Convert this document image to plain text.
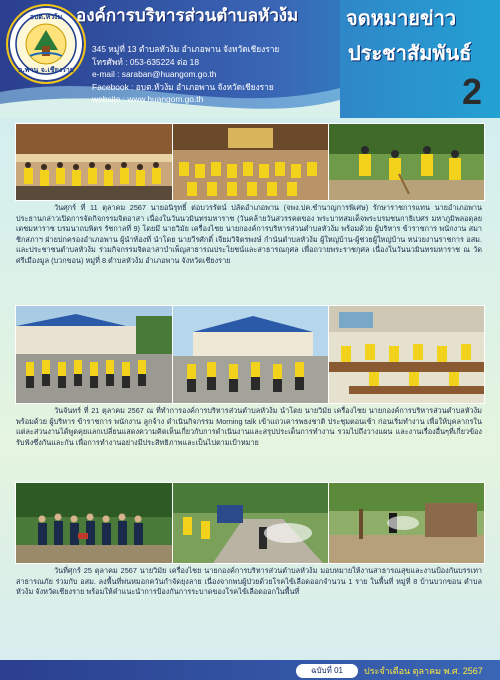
อบต.หัวง้ม
อ.พาน จ.เชียงราย
องค์การบริหารส่วนตำบลหัวง้ม
345 หมู่ที่ 13 ตำบลหัวง้ม อำเภอพาน จังหวัดเชียงราย
โทรศัพท์ : 053-635224 ต่อ 18
e-mail : saraban@huangom.go.th
Facebook : อบต.หัวง้ม อำเภอพาน จังหวัดเชียงราย
website : www.huangom.go.th
จดหมายข่าว
ประชาสัมพันธ์
2
วันศุกร์ ที่ 11 ตุลาคม 2567 นายอนิรุทธิ์ ต่อบวรรัตน์ ปลัดอำเภอพาน (จพง.ปค.ชำนาญการพิเศษ) รักษาราชการแทน นายอำเภอพาน ประธานกล่าวเปิดการจัดกิจกรรมจิตอาสา เนื่องในวันนวมินทรมหาราช (วันคล้ายวันสวรรคตของ พระบาทสมเด็จพระบรมชนกาธิเบศร มหาภูมิพลอดุลยเดชมหาราช บรมนาถบพิตร รัชกาลที่ 9) โดยมี นายวิมัย เครื่องไชย นายกองค์การบริหารส่วนตำบลหัวง้ม พร้อมด้วย ผู้บริหาร ข้าราชการ พนักงาน สมาชิกสภาฯ ฝ่ายปกครองอำเภอพาน ผู้นำท้องที่ นำโดย นายวีรศักดิ์ เจียมวิจิตรพงษ์ กำนันตำบลหัวง้ม ผู้ใหญ่บ้าน-ผู้ช่วยผู้ใหญ่บ้าน หน่วยงานราชการ อสม. และประชาชนตำบลหัวง้ม ร่วมกิจกรรมจิตอาสาบำเพ็ญสาธารณประโยชน์และสาธารณกุศล เพื่อถวายพระราชกุศล เนื่องในวันนวมินทรมหาราช ณ วัดศรีเมืองมูล (บวกขอน) หมู่ที่ 8 ตำบลหัวง้ม อำเภอพาน จังหวัดเชียงราย
วันจันทร์ ที่ 21 ตุลาคม 2567 ณ ที่ทำการองค์การบริหารส่วนตำบลหัวง้ม นำโดย นายวิมัย เครื่องไชย นายกองค์การบริหารส่วนตำบลหัวง้ม พร้อมด้วย ผู้บริหาร ข้าราชการ พนักงาน ลูกจ้าง ดำเนินกิจกรรม Morning talk เข้าแถวเคารพธงชาติ ประชุมตอนเช้า ก่อนเริ่มทำงาน เพื่อให้บุคลากรในแต่ละส่วนงานได้พูดคุยแลกเปลี่ยนแสดงความคิดเห็นเกี่ยวกับการดำเนินงานและสรุปประเด็นการทำงาน รวมไปถึงวางแผน และงานเรื่องอื่นๆที่เกี่ยวข้อง รับฟังซึ่งกันและกัน เพื่อการทำงานอย่างมีประสิทธิภาพและเป็นไปตามเป้าหมาย
วันที่ศุกร์ 25 ตุลาคม 2567 นายวิมัย เครื่องไชย นายกองค์การบริหารส่วนตำบลหัวง้ม มอบหมายให้งานสาธารณสุขและงานป้องกันบรรเทาสาธารณภัย ร่วมกับ อสม. ลงพื้นที่พ่นหมอกควันกำจัดยุงลาย เนื่องจากพบผู้ป่วยด้วยโรคไข้เลือดออกจำนวน 1 ราย ในพื้นที่ หมู่ที่ 8 บ้านบวกขอน ตำบลหัวง้ม จังหวัดเชียงราย พร้อมให้คำแนะนำการป้องกันการระบาดของโรคไข้เลือดออกในพื้นที่
ฉบับที่ 01	ประจำเดือน ตุลาคม พ.ศ. 2567
